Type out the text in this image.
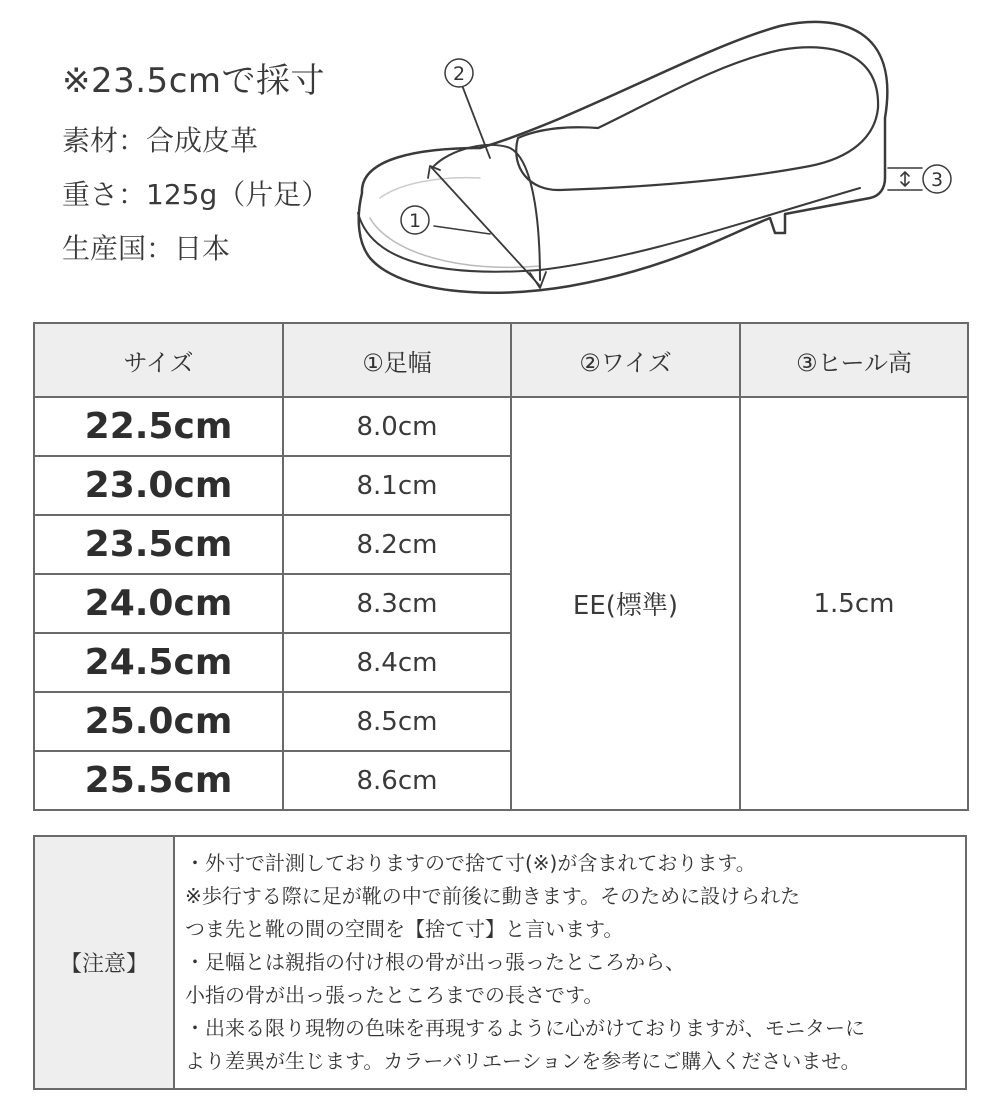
※23.5cmで採寸
素材：合成皮革
重さ：125g（片足）
生産国：日本
2
1
3
サイズ	①足幅	②ワイズ	③ヒール高
22.5cm	8.0cm	EE(標準)	1.5cm
23.0cm	8.1cm		
23.5cm	8.2cm		
24.0cm	8.3cm		
24.5cm	8.4cm		
25.0cm	8.5cm		
25.5cm	8.6cm		
【注意】	
・外寸で計測しておりますので捨て寸(※)が含まれております。
※歩行する際に足が靴の中で前後に動きます。そのために設けられた
つま先と靴の間の空間を【捨て寸】と言います。
・足幅とは親指の付け根の骨が出っ張ったところから、
小指の骨が出っ張ったところまでの長さです。
・出来る限り現物の色味を再現するように心がけておりますが、モニターに
より差異が生じます。カラーバリエーションを参考にご購入くださいませ。
